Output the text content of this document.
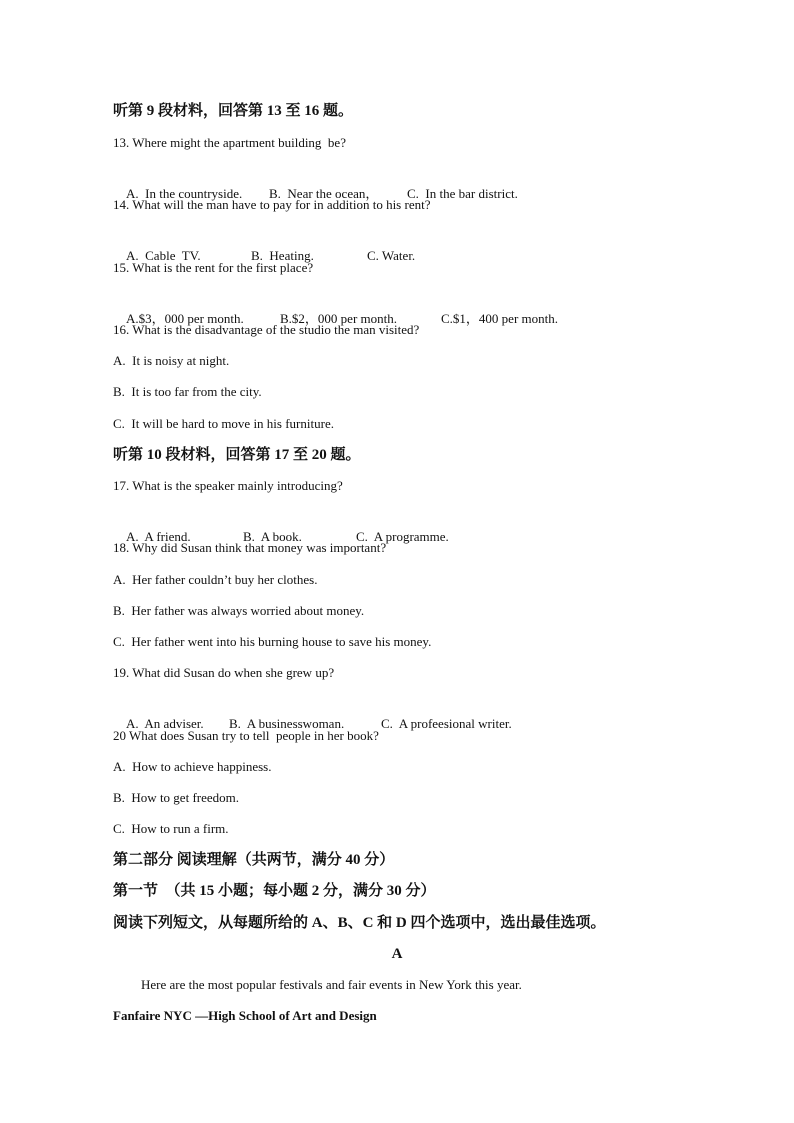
听第 9 段材料，回答第 13 至 16 题。
13. Where might the apartment building  be?

A.  In the countryside. B.  Near the ocean， C.  In the bar district.

14. What will the man have to pay for in addition to his rent?

A.  Cable  TV.	B.  Heating.	C. Water.

15. What is the rent for the first place?

A.$3，000 per month.	B.$2，000 per month.	C.$1，400 per month.

16. What is the disadvantage of the studio the man visited?
A.  It is noisy at night.
B.  It is too far from the city.
C.  It will be hard to move in his furniture.
听第 10 段材料，回答第 17 至 20 题。
17. What is the speaker mainly introducing?

A.  A friend.	B.  A book.	C.  A programme.

18. Why did Susan think that money was important?
A.  Her father couldn’t buy her clothes.
B.  Her father was always worried about money.
C.  Her father went into his burning house to save his money.
19. What did Susan do when she grew up?

A.  An adviser. B.  A businesswoman.	C.  A profeesional writer.

20 What does Susan try to tell  people in her book?
A.  How to achieve happiness.
B.  How to get freedom.
C.  How to run a firm.
第二部分 阅读理解（共两节，满分 40 分）
第一节  （共 15 小题；每小题 2 分，满分 30 分）
阅读下列短文，从每题所给的 A、B、C 和 D 四个选项中，选出最佳选项。
A
Here are the most popular festivals and fair events in New York this year.
Fanfaire NYC —High School of Art and Design
